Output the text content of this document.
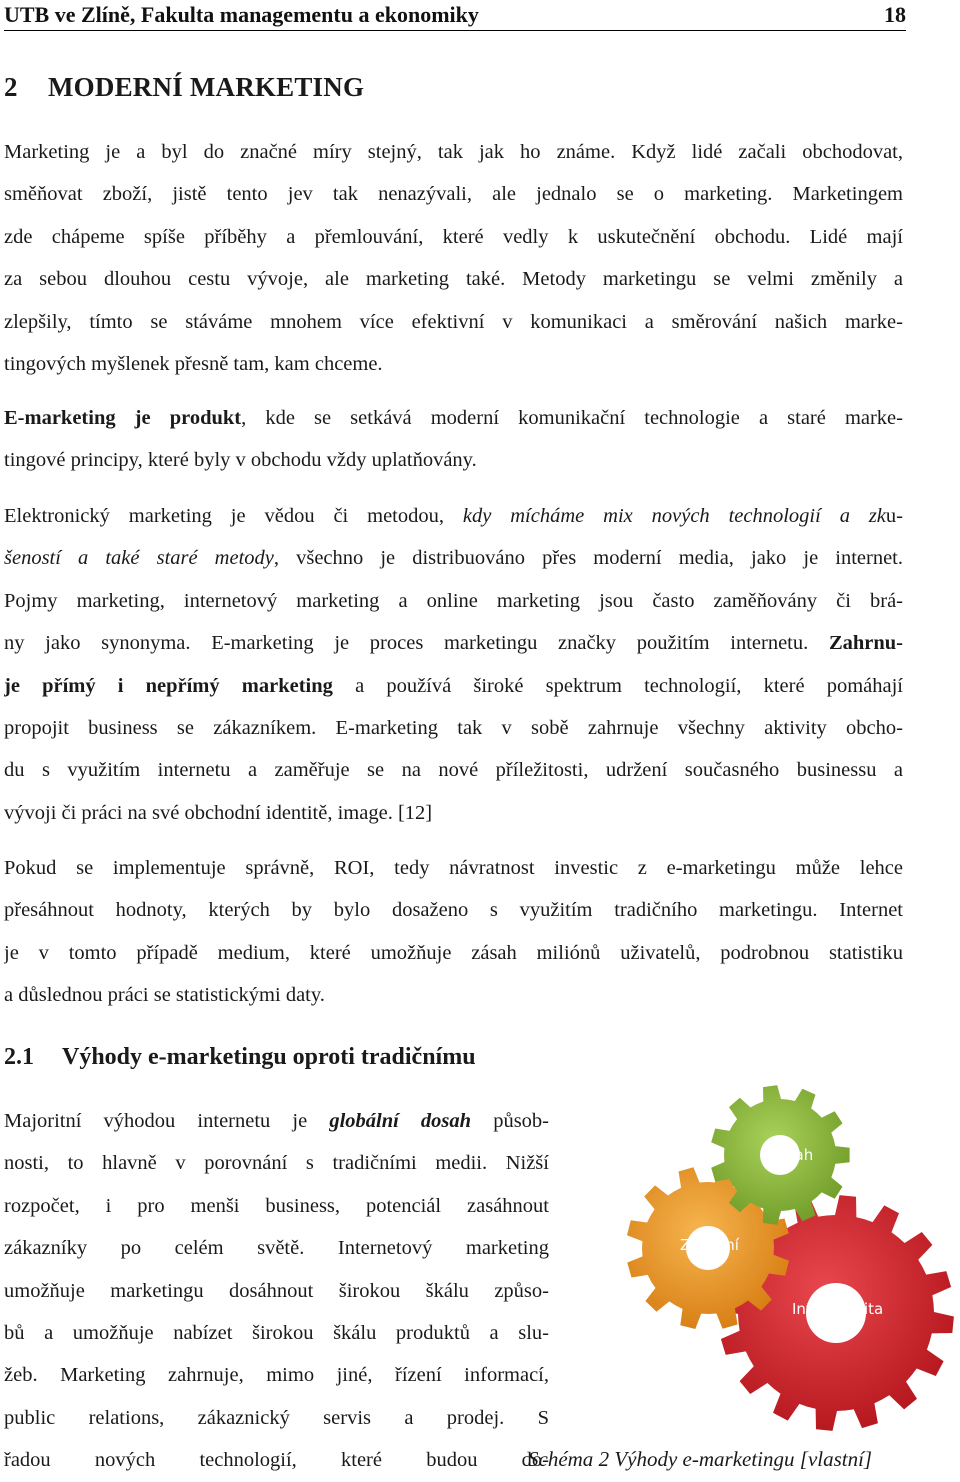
UTB ve Zlíně, Fakulta managementu a ekonomiky	18
2 MODERNÍ MARKETING

Marketing je a byl do značné míry stejný, tak jak ho známe. Když lidé začali obchodovat,
směňovat zboží, jistě tento jev tak nenazývali, ale jednalo se o marketing. Marketingem
zde chápeme spíše příběhy a přemlouvání, které vedly k uskutečnění obchodu. Lidé mají
za sebou dlouhou cestu vývoje, ale marketing také. Metody marketingu se velmi změnily a
zlepšily, tímto se stáváme mnohem více efektivní v komunikaci a směrování našich marke-
tingových myšlenek přesně tam, kam chceme.

E-marketing je produkt, kde se setkává moderní komunikační technologie a staré marke-
tingové principy, které byly v obchodu vždy uplatňovány.

Elektronický marketing je vědou či metodou, kdy mícháme mix nových technologií a zku-
šeností a také staré metody, všechno je distribuováno přes moderní media, jako je internet.
Pojmy marketing, internetový marketing a online marketing jsou často zaměňovány či brá-
ny jako synonyma. E-marketing je proces marketingu značky použitím internetu. Zahrnu-
je přímý i nepřímý marketing a používá široké spektrum technologií, které pomáhají
propojit business se zákazníkem. E-marketing tak v sobě zahrnuje všechny aktivity obcho-
du s využitím internetu a zaměřuje se na nové příležitosti, udržení současného businessu a
vývoji či práci na své obchodní identitě, image. [12]

Pokud se implementuje správně, ROI, tedy návratnost investic z e-marketingu může lehce
přesáhnout hodnoty, kterých by bylo dosaženo s využitím tradičního marketingu. Internet
je v tomto případě medium, které umožňuje zásah miliónů uživatelů, podrobnou statistiku
a důslednou práci se statistickými daty.

2.1 Výhody e-marketingu oproti tradičnímu

Majoritní výhodou internetu je globální dosah působ-
nosti, to hlavně v porovnání s tradičními medii. Nižší
rozpočet, i pro menši business, potenciál zasáhnout
zákazníky po celém světě. Internetový marketing
umožňuje marketingu dosáhnout širokou škálu způso-
bů a umožňuje nabízet širokou škálu produktů a slu-
žeb. Marketing zahrnuje, mimo jiné, řízení informací,
public relations, zákaznický servis a prodej. S
řadou nových technologií, které budou do-

Dosah
Zacílení
Interaktivita
Schéma 2 Výhody e-marketingu [vlastní]
